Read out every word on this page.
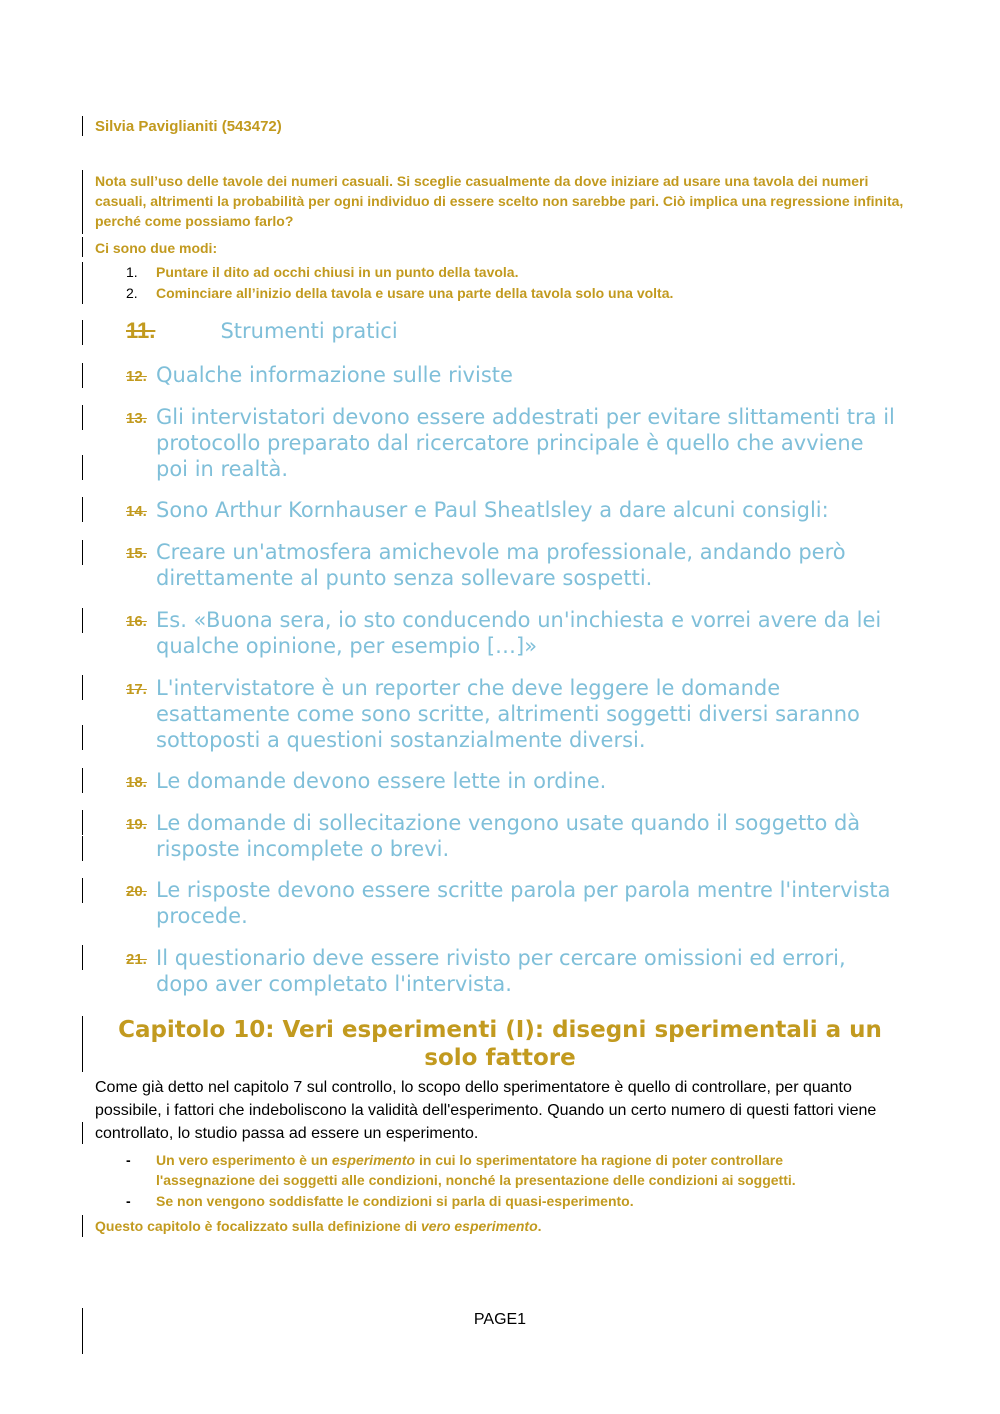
Silvia Paviglianiti (543472)
Nota sull’uso delle tavole dei numeri casuali. Si sceglie casualmente da dove iniziare ad usare una tavola dei numeri casuali, altrimenti la probabilità per ogni individuo di essere scelto non sarebbe pari. Ciò implica una regressione infinita, perché come possiamo farlo?
Ci sono due modi:
1. Puntare il dito ad occhi chiusi in un punto della tavola.
2. Cominciare all’inizio della tavola e usare una parte della tavola solo una volta.
11.	Strumenti pratici
12. Qualche informazione sulle riviste
13. Gli intervistatori devono essere addestrati per evitare slittamenti tra il protocollo preparato dal ricercatore principale è quello che avviene poi in realtà.
14. Sono Arthur Kornhauser e Paul Sheatlsley a dare alcuni consigli:
15. Creare un'atmosfera amichevole ma professionale, andando però direttamente al punto senza sollevare sospetti.
16. Es. «Buona sera, io sto conducendo un'inchiesta e vorrei avere da lei qualche opinione, per esempio […]»
17. L'intervistatore è un reporter che deve leggere le domande esattamente come sono scritte, altrimenti soggetti diversi saranno sottoposti a questioni sostanzialmente diversi.
18. Le domande devono essere lette in ordine.
19. Le domande di sollecitazione vengono usate quando il soggetto dà risposte incomplete o brevi.
20. Le risposte devono essere scritte parola per parola mentre l'intervista procede.
21. Il questionario deve essere rivisto per cercare omissioni ed errori, dopo aver completato l'intervista.
Capitolo 10: Veri esperimenti (I): disegni sperimentali a un solo fattore
Come già detto nel capitolo 7 sul controllo, lo scopo dello sperimentatore è quello di controllare, per quanto possibile, i fattori che indeboliscono la validità dell'esperimento. Quando un certo numero di questi fattori viene controllato, lo studio passa ad essere un esperimento.
- Un vero esperimento è un esperimento in cui lo sperimentatore ha ragione di poter controllare l'assegnazione dei soggetti alle condizioni, nonché la presentazione delle condizioni ai soggetti.
- Se non vengono soddisfatte le condizioni si parla di quasi-esperimento.
Questo capitolo è focalizzato sulla definizione di vero esperimento.
PAGE1
